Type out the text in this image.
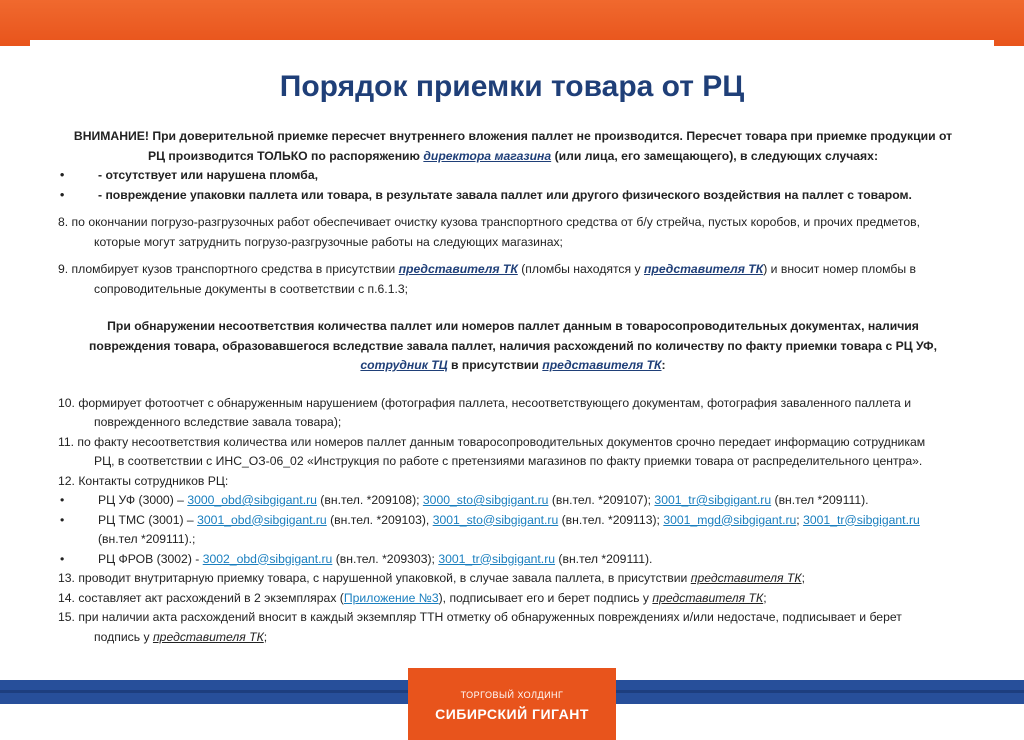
Порядок приемки товара от РЦ

ВНИМАНИЕ! При доверительной приемке пересчет внутреннего вложения паллет не производится. Пересчет товара при приемке продукции от
РЦ производится ТОЛЬКО по распоряжению директора магазина (или лица, его замещающего), в следующих случаях:

•	- отсутствует или нарушена пломба,

•	- повреждение упаковки паллета или товара, в результате завала паллет или другого физического воздействия на паллет с товаром.

8. по окончании погрузо-разгрузочных работ обеспечивает очистку кузова транспортного средства от б/у стрейча, пустых коробов, и прочих предметов,

которые могут затруднить погрузо-разгрузочные работы на следующих магазинах;

9. пломбирует кузов транспортного средства в присутствии представителя ТК (пломбы находятся у представителя ТК) и вносит номер пломбы в

сопроводительные документы в соответствии с п.6.1.3;

При обнаружении несоответствия количества паллет или номеров паллет данным в товаросопроводительных документах, наличия
повреждения товара, образовавшегося вследствие завала паллет, наличия расхождений по количеству по факту приемки товара с РЦ УФ,
сотрудник ТЦ в присутствии представителя ТК:

10. формирует фотоотчет с обнаруженным нарушением (фотография паллета, несоответствующего документам, фотография заваленного паллета и

поврежденного вследствие завала товара);

11. по факту несоответствия количества или номеров паллет данным товаросопроводительных документов срочно передает информацию сотрудникам

РЦ, в соответствии с ИНС_ОЗ-06_02 «Инструкция по работе с претензиями магазинов по факту приемки товара от распределительного центра».

12. Контакты сотрудников РЦ:

•	РЦ УФ (3000) – 3000_obd@sibgigant.ru (вн.тел. *209108); 3000_sto@sibgigant.ru (вн.тел. *209107); 3001_tr@sibgigant.ru (вн.тел *209111).

•	РЦ ТМС (3001) – 3001_obd@sibgigant.ru (вн.тел. *209103), 3001_sto@sibgigant.ru (вн.тел. *209113); 3001_mgd@sibgigant.ru; 3001_tr@sibgigant.ru
(вн.тел *209111).;

•	РЦ ФРОВ (3002) - 3002_obd@sibgigant.ru (вн.тел. *209303); 3001_tr@sibgigant.ru (вн.тел *209111).

13. проводит внутритарную приемку товара, с нарушенной упаковкой, в случае завала паллета, в присутствии представителя ТК;

14. составляет акт расхождений в 2 экземплярах (Приложение №3), подписывает его и берет подпись у представителя ТК;

15. при наличии акта расхождений вносит в каждый экземпляр ТТН отметку об обнаруженных повреждениях и/или недостаче, подписывает и берет

подпись у представителя ТК;

ТОРГОВЫЙ ХОЛДИНГ
СИБИРСКИЙ ГИГАНТ
